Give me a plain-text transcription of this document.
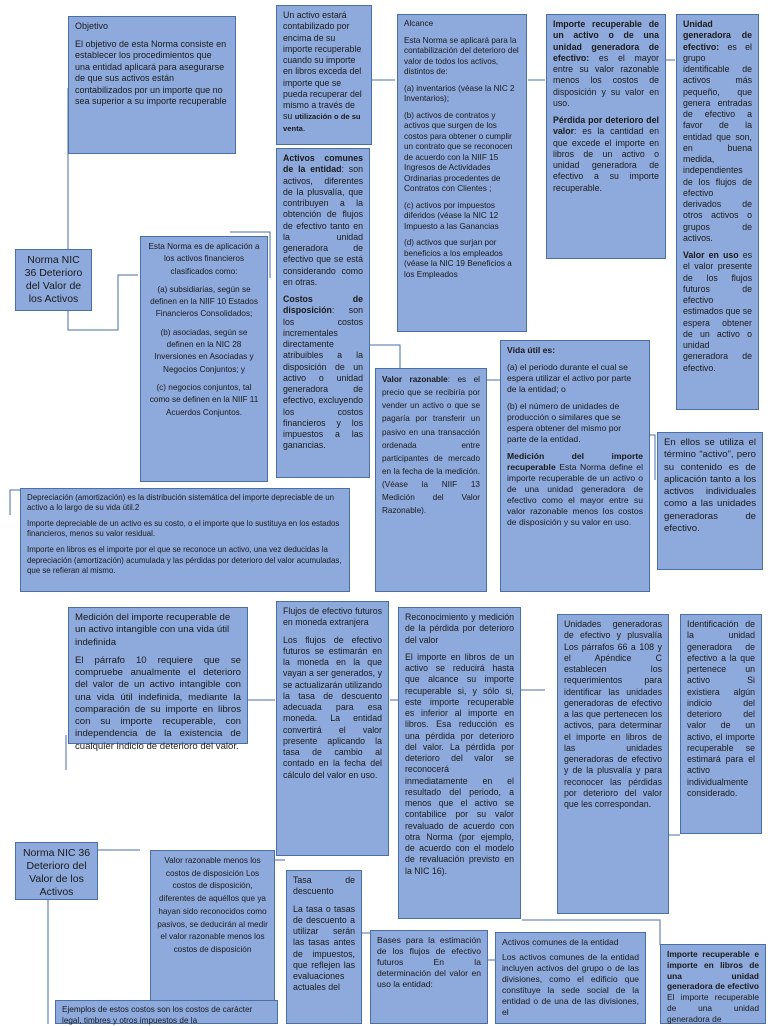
Norma NIC 36 Deterioro del Valor de los Activos

Objetivo

El objetivo de esta Norma consiste en establecer los procedimientos que una entidad aplicará para asegurarse de que sus activos están contabilizados por un importe que no sea superior a su importe recuperable

Un activo estará contabilizado por encima de su importe recuperable cuando su importe en libros exceda del importe que se pueda recuperar del mismo a través de su utilización o de su venta.

Alcance

Esta Norma se aplicará para la contabilización del deterioro del valor de todos los activos, distintos de:

(a) inventarios (véase la NIC 2 Inventarios);

(b) activos de contratos y activos que surgen de los costos para obtener o cumplir un contrato que se reconocen de acuerdo con la NIIF 15 Ingresos de Actividades Ordinarias procedentes de Contratos con Clientes ;

(c) activos por impuestos diferidos (véase la NIC 12 Impuesto a las Ganancias

(d) activos que surjan por beneficios a los empleados (véase la NIC 19 Beneficios a los Empleados

Importe recuperable de un activo o de una unidad generadora de efectivo: es el mayor entre su valor razonable menos los costos de disposición y su valor en uso.

Pérdida por deterioro del valor: es la cantidad en que excede el importe en libros de un activo o unidad generadora de efectivo a su importe recuperable.

Unidad generadora de efectivo: es el grupo identificable de activos más pequeño, que genera entradas de efectivo a favor de la entidad que son, en buena medida, independientes de los flujos de efectivo derivados de otros activos o grupos de activos.

Valor en uso es el valor presente de los flujos futuros de efectivo estimados que se espera obtener de un activo o unidad generadora de efectivo.

Esta Norma es de aplicación a los activos financieros clasificados como:

(a) subsidiarias, según se definen en la NIIF 10 Estados Financieros Consolidados;

(b) asociadas, según se definen en la NIC 28 Inversiones en Asociadas y Negocios Conjuntos; y

(c) negocios conjuntos, tal como se definen en la NIIF 11 Acuerdos Conjuntos.

Activos comunes de la entidad: son activos, diferentes de la plusvalía, que contribuyen a la obtención de flujos de efectivo tanto en la unidad generadora de efectivo que se está considerando como en otras.

Costos de disposición: son los costos incrementales directamente atribuibles a la disposición de un activo o unidad generadora de efectivo, excluyendo los costos financieros y los impuestos a las ganancias.

Valor razonable: es el precio que se recibiría por vender un activo o que se pagaría por transferir un pasivo en una transacción ordenada entre participantes de mercado en la fecha de la medición. (Véase la NIIF 13 Medición del Valor Razonable).

Vida útil es:

(a) el periodo durante el cual se espera utilizar el activo por parte de la entidad; o

(b) el número de unidades de producción o similares que se espera obtener del mismo por parte de la entidad.

Medición del importe recuperable Esta Norma define el importe recuperable de un activo o de una unidad generadora de efectivo como el mayor entre su valor razonable menos los costos de disposición y su valor en uso.

En ellos se utiliza el término “activo”, pero su contenido es de aplicación tanto a los activos individuales como a las unidades generadoras de efectivo.

Depreciación (amortización) es la distribución sistemática del importe depreciable de un activo a lo largo de su vida útil.2

Importe depreciable de un activo es su costo, o el importe que lo sustituya en los estados financieros, menos su valor residual.

Importe en libros es el importe por el que se reconoce un activo, una vez deducidas la depreciación (amortización) acumulada y las pérdidas por deterioro del valor acumuladas, que se refieran al mismo.

Medición del importe recuperable de un activo intangible con una vida útil indefinida

El párrafo 10 requiere que se compruebe anualmente el deterioro del valor de un activo intangible con una vida útil indefinida, mediante la comparación de su importe en libros con su importe recuperable, con independencia de la existencia de cualquier indicio de deterioro del valor.

Flujos de efectivo futuros en moneda extranjera

Los flujos de efectivo futuros se estimarán en la moneda en la que vayan a ser generados, y se actualizarán utilizando la tasa de descuento adecuada para esa moneda. La entidad convertirá el valor presente aplicando la tasa de cambio al contado en la fecha del cálculo del valor en uso.

Reconocimiento y medición de la pérdida por deterioro del valor

El importe en libros de un activo se reducirá hasta que alcance su importe recuperable si, y sólo si, este importe recuperable es inferior al importe en libros. Esa reducción es una pérdida por deterioro del valor. La pérdida por deterioro del valor se reconocerá inmediatamente en el resultado del periodo, a menos que el activo se contabilice por su valor revaluado de acuerdo con otra Norma (por ejemplo, de acuerdo con el modelo de revaluación previsto en la NIC 16).

Unidades generadoras de efectivo y plusvalía Los párrafos 66 a 108 y el Apéndice C establecen los requerimientos para identificar las unidades generadoras de efectivo a las que pertenecen los activos, para determinar el importe en libros de las unidades generadoras de efectivo y de la plusvalía y para reconocer las pérdidas por deterioro del valor que les correspondan.
Identificación de la unidad generadora de efectivo a la que pertenece un activo Si existiera algún indicio del deterioro del valor de un activo, el importe recuperable se estimará para el activo individualmente considerado.
Norma NIC 36 Deterioro del Valor de los Activos
Valor razonable menos los costos de disposición Los costos de disposición, diferentes de aquéllos que ya hayan sido reconocidos como pasivos, se deducirán al medir el valor razonable menos los costos de disposición

Tasa de descuento

La tasa o tasas de descuento a utilizar serán las tasas antes de impuestos, que reflejen las evaluaciones actuales del

Bases para la estimación de los flujos de efectivo futuros En la determinación del valor en uso la entidad:

Activos comunes de la entidad

Los activos comunes de la entidad incluyen activos del grupo o de las divisiones, como el edificio que constituye la sede social de la entidad o de una de las divisiones, el

Importe recuperable e importe en libros de una unidad generadora de efectivo El importe recuperable de una unidad generadora de
Ejemplos de estos costos son los costos de carácter legal, timbres y otros impuestos de la
